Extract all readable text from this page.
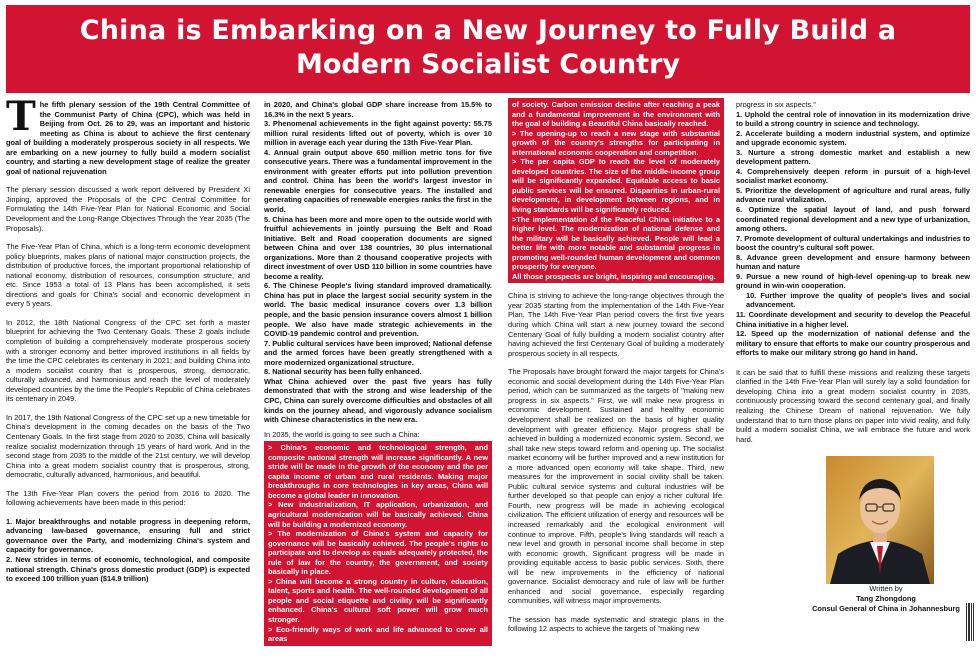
China is Embarking on a New Journey to Fully Build a
Modern Socialist Country

The fifth plenary session of the 19th Central Committee of the Communist Party of China (CPC), which was held in Beijing from Oct. 26 to 29, was an important and historic meeting as China is about to achieve the first centenary goal of building a moderately prosperous society in all respects. We are embarking on a new journey to fully build a modern socialist country, and starting a new development stage of realize the greater goal of national rejuvenation

The plenary session discussed a work report delivered by President Xi Jinping, approved the Proposals of the CPC Central Committee for Formulating the 14th Five-Year Plan for National Economic and Social Development and the Long-Range Objectives Through the Year 2035 (The Proposals).

The Five-Year Plan of China, which is a long-term economic development policy blueprints, makes plans of national major construction projects, the distribution of productive forces, the important proportional relationship of national economy, distribution of resources, consumption structure, and etc. Since 1953 a total of 13 Plans has been accomplished, it sets directions and goals for China's social and economic development in every 5 years.

In 2012, the 18th National Congress of the CPC set forth a master blueprint for achieving the Two Centenary Goals. These 2 goals include completion of building a comprehensively moderate prosperous society with a stronger economy and better improved institutions in all fields by the time the CPC celebrates its centenary in 2021; and building China into a modern socialist country that is prosperous, strong, democratic, culturally advanced, and harmonious and reach the level of moderately developed countries by the time the People's Republic of China celebrates its centenary in 2049.

In 2017, the 19th National Congress of the CPC set up a new timetable for China's development in the coming decades on the basis of the Two Centenary Goals. In the first stage from 2020 to 2035, China will basically realize socialist modernization through 15 years of hard work. And in the second stage from 2035 to the middle of the 21st century, we will develop China into a great modern socialist country that is prosperous, strong, democratic, culturally advanced, harmonious, and beautiful.

The 13th Five-Year Plan covers the period from 2016 to 2020. The following achievements have been made in this period:

1. Major breakthroughs and notable progress in deepening reform, advancing law-based governance, ensuring full and strict governance over the Party, and modernizing China's system and capacity for governance.

2. New strides in terms of economic, technological, and composite national strength. China's gross domestic product (GDP) is expected to exceed 100 trillion yuan ($14.9 trillion)

in 2020, and China's global GDP share increase from 15.5% to 16.3% in the next 5 years.

3. Phenomenal achievements in the fight against poverty: 55.75 million rural residents lifted out of poverty, which is over 10 million in average each year during the 13th Five-Year Plan.

4. Annual grain output above 650 million metric tons for five consecutive years. There was a fundamental improvement in the environment with greater efforts put into pollution prevention and control. China has been the world's largest investor in renewable energies for consecutive years. The installed and generating capacities of renewable energies ranks the first in the world.

5. China has been more and more open to the outside world with fruitful achievements in jointly pursuing the Belt and Road Initiative. Belt and Road cooperation documents are signed between China and over 138 countries, 30 plus international organizations. More than 2 thousand cooperative projects with direct investment of over USD 110 billion in some countries have become a reality.

6. The Chinese People's living standard improved dramatically. China has put in place the largest social security system in the world. The basic medical insurance covers over 1.3 billion people, and the basic pension insurance covers almost 1 billion people. We also have made strategic achievements in the COVID-19 pandemic control and prevention.

7. Public cultural services have been improved; National defense and the armed forces have been greatly strengthened with a more modernized organizational structure.

8. National security has been fully enhanced.

What China achieved over the past five years has fully demonstrated that with the strong and wise leadership of the CPC, China can surely overcome difficulties and obstacles of all kinds on the journey ahead, and vigorously advance socialism with Chinese characteristics in the new era.

In 2035, the world is going to see such a China:

> China's economic and technological strength, and composite national strength will increase significantly. A new stride will be made in the growth of the economy and the per capita income of urban and rural residents. Making major breakthroughs in core technologies in key areas, China will become a global leader in innovation.

> New industrialization, IT application, urbanization, and agricultural modernization will be basically achieved. China will be building a modernized economy.

> The modernization of China's system and capacity for governance will be basically achieved. The people's rights to participate and to develop as equals adequately protected, the rule of law for the country, the government, and society basically in place.

> China will become a strong country in culture, education, talent, sports and health. The well-rounded development of all people and social etiquette and civility will be significantly enhanced. China's cultural soft power will grow much stronger.

> Eco-friendly ways of work and life advanced to cover all areas

of society. Carbon emission decline after reaching a peak and a fundamental improvement in the environment with the goal of building a Beautiful China basically reached.

> The opening-up to reach a new stage with substantial growth of the country's strengths for participating in international economic cooperation and competition.

> The per capita GDP to reach the level of moderately developed countries. The size of the middle-income group will be significantly expanded. Equitable access to basic public services will be ensured. Disparities in urban-rural development, in development between regions, and in living standards will be significantly reduced.

>The implementation of the Peaceful China initiative to a higher level. The modernization of national defense and the military will be basically achieved. People will lead a better life with more notable and substantial progress in promoting well-rounded human development and common prosperity for everyone.

All those prospects are bright, inspiring and encouraging.

China is striving to achieve the long-range objectives through the year 2035 starting from the implementation of the 14th Five-Year Plan. The 14th Five-Year Plan period covers the first five years during which China will start a new journey toward the second Centenary Goal of fully building a modern socialist country after having achieved the first Centenary Goal of building a moderately prosperous society in all respects.

The Proposals have brought forward the major targets for China's economic and social development during the 14th Five-Year Plan period, which can be summarized as the targets of "making new progress in six aspects." First, we will make new progress in economic development. Sustained and healthy economic development shall be realized on the basis of higher quality development with greater efficiency. Major progress shall be achieved in building a modernized economic system. Second, we shall take new steps toward reform and opening up. The socialist market economy will be further improved and a new institution for a more advanced open economy will take shape. Third, new measures for the improvement in social civility shall be taken. Public cultural service systems and cultural industries will be further developed so that people can enjoy a richer cultural life. Fourth, new progress will be made in achieving ecological civilization. The efficient utilization of energy and resources will be increased remarkably and the ecological environment will continue to improve. Fifth, people's living standards will reach a new level and growth in personal income shall become in step with economic growth. Significant progress will be made in providing equitable access to basic public services. Sixth, there will be new improvements in the efficiency of national governance. Socialist democracy and rule of law will be further enhanced and social governance, especially regarding communities, will witness major improvements.

The session has made systematic and strategic plans in the following 12 aspects to achieve the targets of "making new

progress in six aspects."

1. Uphold the central role of innovation in its modernization drive to build a strong country in science and technology.

2. Accelerate building a modern industrial system, and optimize and upgrade economic system.

3. Nurture a strong domestic market and establish a new development pattern.

4. Comprehensively deepen reform in pursuit of a high-level socialist market economy.

5. Prioritize the development of agriculture and rural areas, fully advance rural vitalization.

6. Optimize the spatial layout of land, and push forward coordinated regional development and a new type of urbanization, among others.

7. Promote development of cultural undertakings and industries to boost the country's cultural soft power.

8. Advance green development and ensure harmony between human and nature

9. Pursue a new round of high-level opening-up to break new ground in win-win cooperation.

10. Further improve the quality of people's lives and social advancement.

11. Coordinate development and security to develop the Peaceful China initiative in a higher level.

12. Speed up the modernization of national defense and the military to ensure that efforts to make our country prosperous and efforts to make our military strong go hand in hand.

It can be said that to fulfill these missions and realizing these targets clarified in the 14th Five-Year Plan will surely lay a solid foundation for developing China into a great modern socialist country in 2035, continuously processing toward the second centenary goal, and finally realizing the Chinese Dream of national rejuvenation. We fully understand that to turn those plans on paper into vivid reality, and fully build a modern socialist China, we will embrace the future and work hard.

Written by
Tang Zhongdong
Consul General of China in Johannesburg
